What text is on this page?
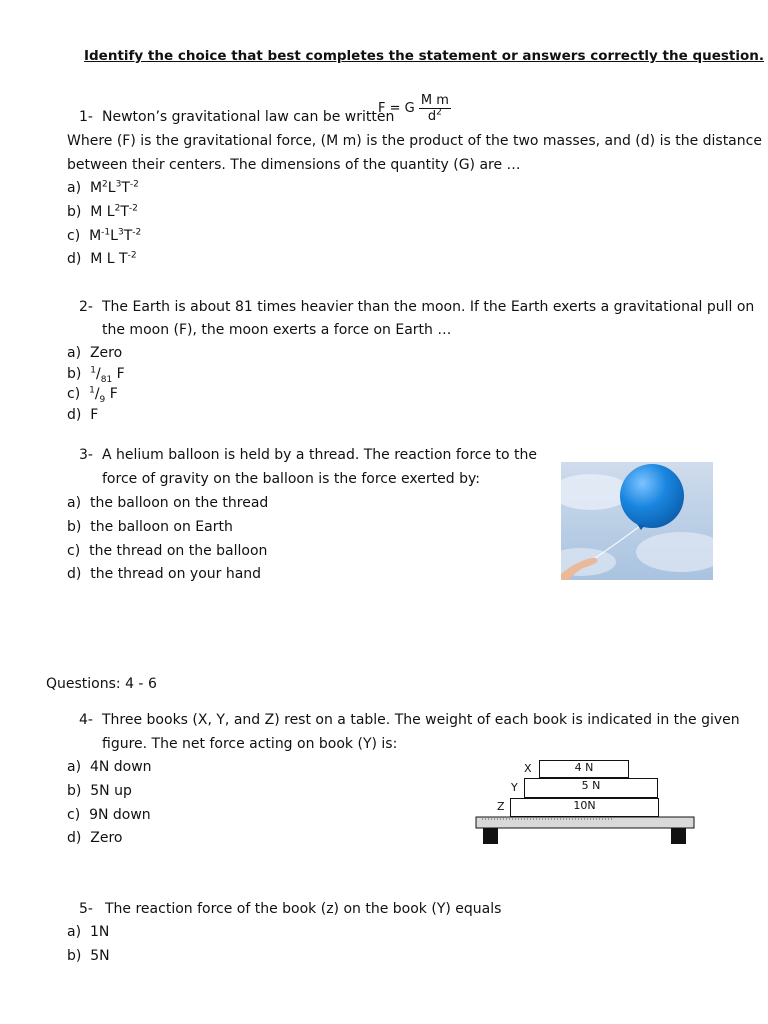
Identify the choice that best completes the statement or answers correctly the question.
1- Newton’s gravitational law can be written
F = G $\frac{\text{M m}}{d^2}$
Where (F) is the gravitational force, (M m) is the product of the two masses, and (d) is the distance
between their centers. The dimensions of the quantity (G) are …
a) $M^2L^3T^{-2}$
b) M $L^2T^{-2}$
c) $M^{-1}L^3T^{-2}$
d) M L $T^{-2}$
2- The Earth is about 81 times heavier than the moon. If the Earth exerts a gravitational pull on
the moon (F), the moon exerts a force on Earth …
a) Zero
b) $^1/_{81}$ F
c) $^1/_9$ F
d) F
3- A helium balloon is held by a thread. The reaction force to the
force of gravity on the balloon is the force exerted by:
a) the balloon on the thread
b) the balloon on Earth
c) the thread on the balloon
d) the thread on your hand
Questions: 4 - 6
4- Three books (X, Y, and Z) rest on a table. The weight of each book is indicated in the given
figure. The net force acting on book (Y) is:
a) 4N down
b) 5N up
c) 9N down
d) Zero
X	4 N
Y	5 N
Z	10N
5- The reaction force of the book (z) on the book (Y) equals
a) 1N
b) 5N
